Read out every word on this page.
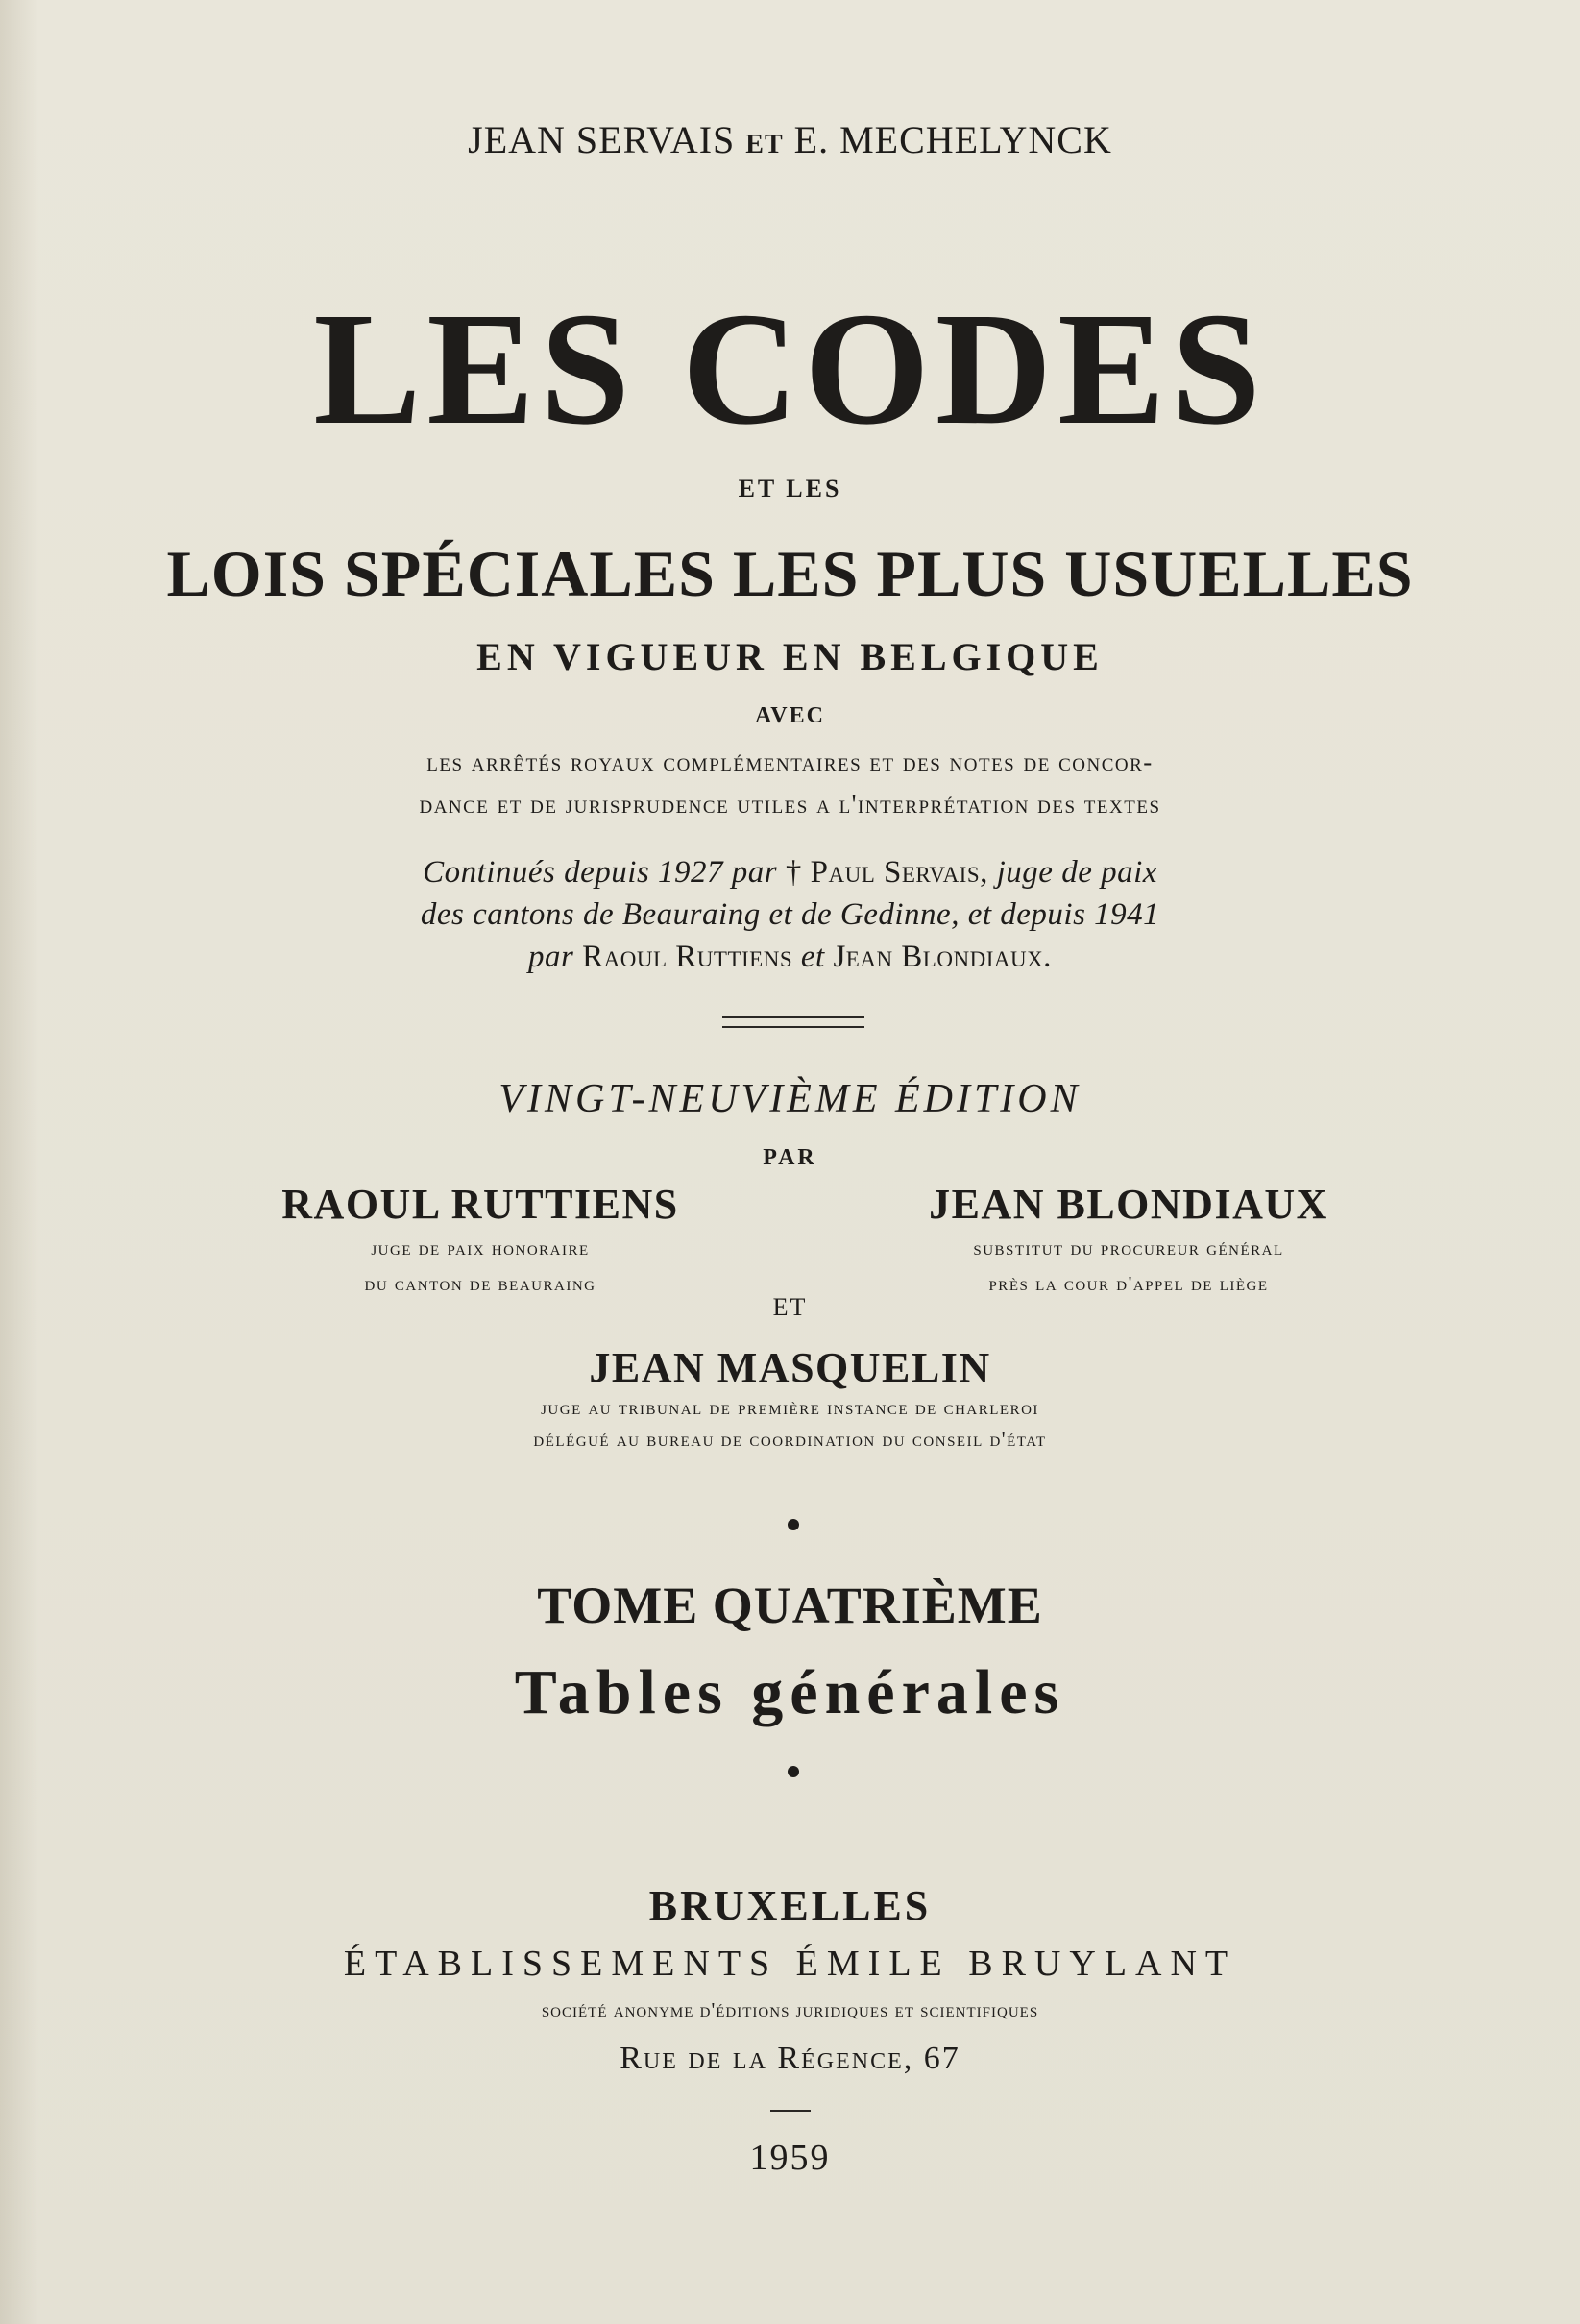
JEAN SERVAIS ET E. MECHELYNCK
LES CODES
ET LES
LOIS SPÉCIALES LES PLUS USUELLES
EN VIGUEUR EN BELGIQUE
AVEC
les arrêtés royaux complémentaires et des notes de concor-
dance et de jurisprudence utiles a l'interprétation des textes
Continués depuis 1927 par † Paul Servais, juge de paix
des cantons de Beauraing et de Gedinne, et depuis 1941
par Raoul Ruttiens et Jean Blondiaux.
VINGT-NEUVIÈME ÉDITION
PAR
RAOUL RUTTIENS
juge de paix honoraire
du canton de beauraing
JEAN BLONDIAUX
substitut du procureur général
près la cour d'appel de liège
ET
JEAN MASQUELIN
juge au tribunal de première instance de charleroi
délégué au bureau de coordination du conseil d'état
TOME QUATRIÈME
Tables générales
BRUXELLES
ÉTABLISSEMENTS ÉMILE BRUYLANT
société anonyme d'éditions juridiques et scientifiques
Rue de la Régence, 67
1959
